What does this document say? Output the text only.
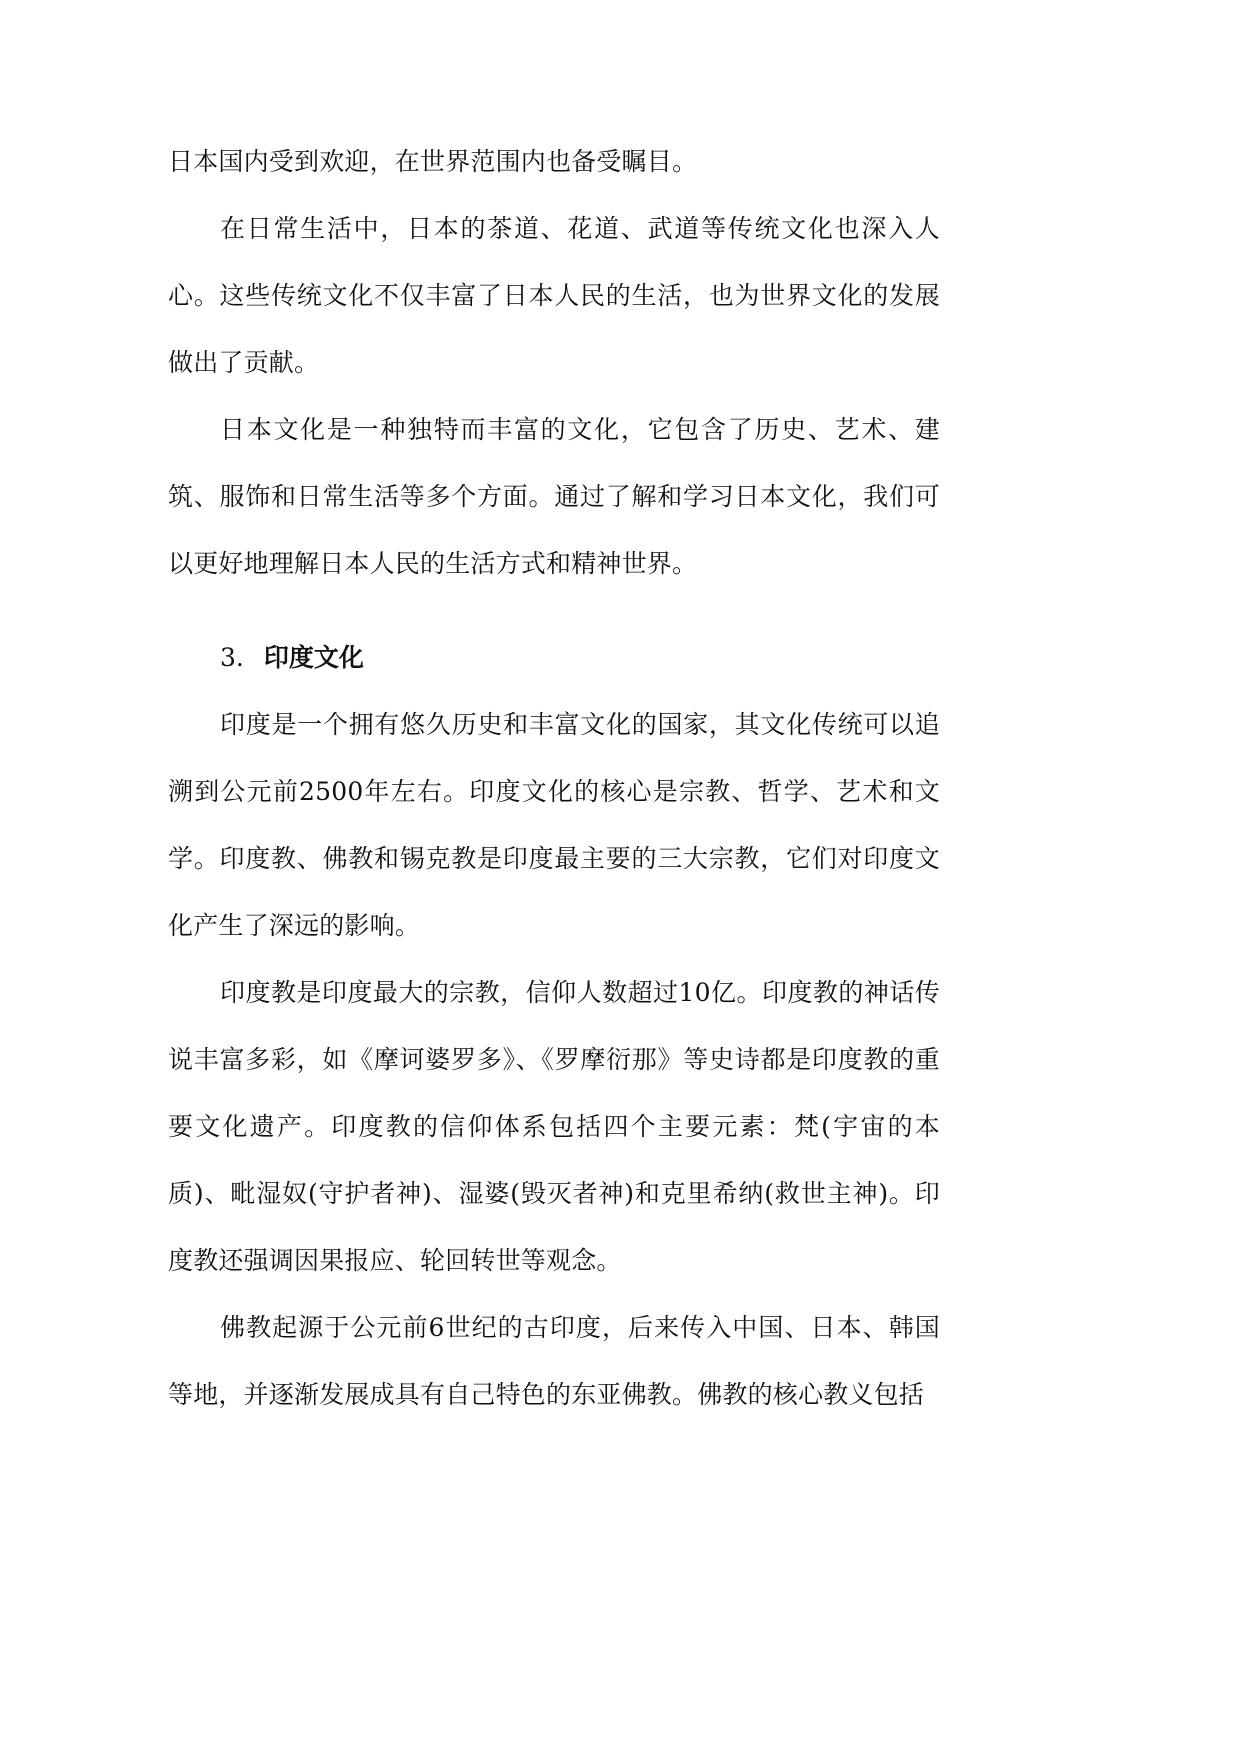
日本国内受到欢迎，在世界范围内也备受瞩目。

在日常生活中，日本的茶道、花道、武道等传统文化也深入人心。这些传统文化不仅丰富了日本人民的生活，也为世界文化的发展做出了贡献。

日本文化是一种独特而丰富的文化，它包含了历史、艺术、建筑、服饰和日常生活等多个方面。通过了解和学习日本文化，我们可以更好地理解日本人民的生活方式和精神世界。

3. 印度文化

印度是一个拥有悠久历史和丰富文化的国家，其文化传统可以追溯到公元前2500年左右。印度文化的核心是宗教、哲学、艺术和文学。印度教、佛教和锡克教是印度最主要的三大宗教，它们对印度文化产生了深远的影响。

印度教是印度最大的宗教，信仰人数超过10亿。印度教的神话传说丰富多彩，如《摩诃婆罗多》、《罗摩衍那》等史诗都是印度教的重要文化遗产。印度教的信仰体系包括四个主要元素：梵(宇宙的本质)、毗湿奴(守护者神)、湿婆(毁灭者神)和克里希纳(救世主神)。印度教还强调因果报应、轮回转世等观念。

佛教起源于公元前6世纪的古印度，后来传入中国、日本、韩国等地，并逐渐发展成具有自己特色的东亚佛教。佛教的核心教义包括
